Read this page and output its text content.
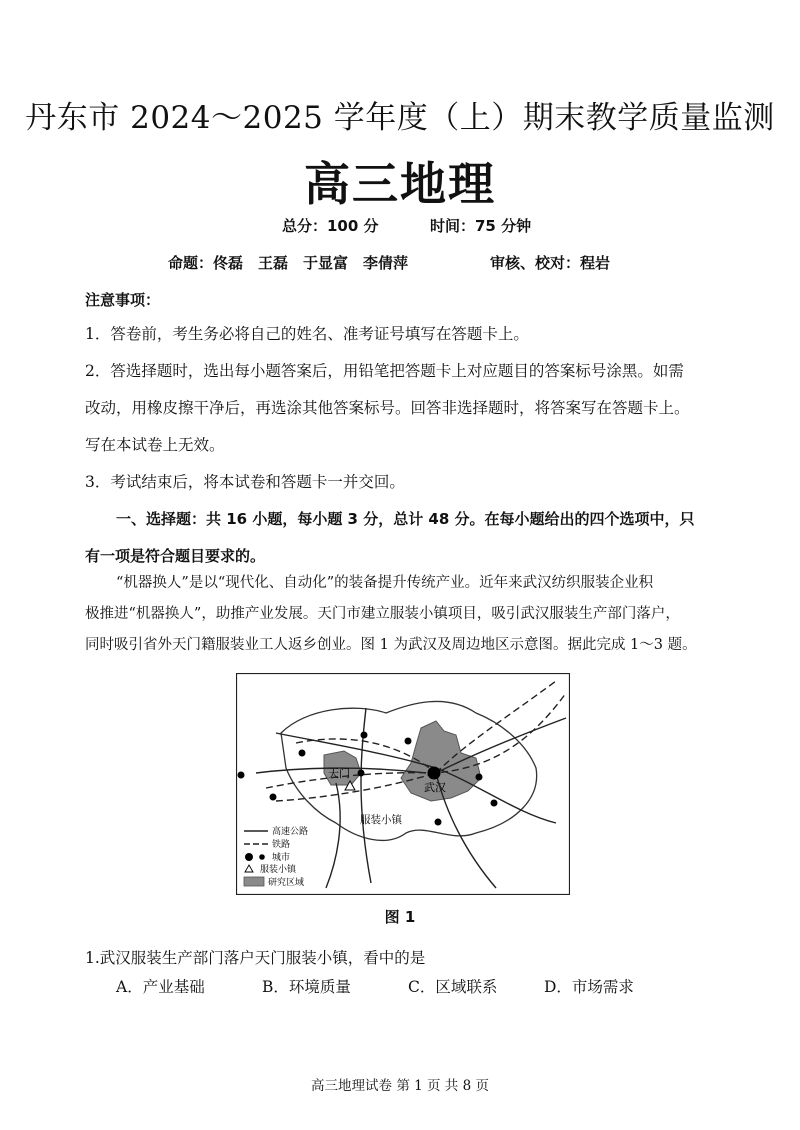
丹东市 2024～2025 学年度（上）期末教学质量监测
高三地理
总分：100 分	时间：75 分钟
命题：佟磊　王磊　于显富　李倩萍	审核、校对：程岩
注意事项：
1．答卷前，考生务必将自己的姓名、准考证号填写在答题卡上。
2．答选择题时，选出每小题答案后，用铅笔把答题卡上对应题目的答案标号涂黑。如需
改动，用橡皮擦干净后，再选涂其他答案标号。回答非选择题时，将答案写在答题卡上。
写在本试卷上无效。
3．考试结束后，将本试卷和答题卡一并交回。
一、选择题：共 16 小题，每小题 3 分，总计 48 分。在每小题给出的四个选项中，只
有一项是符合题目要求的。
“机器换人”是以“现代化、自动化”的装备提升传统产业。近年来武汉纺织服装企业积
极推进“机器换人”，助推产业发展。天门市建立服装小镇项目，吸引武汉服装生产部门落户，
同时吸引省外天门籍服装业工人返乡创业。图 1 为武汉及周边地区示意图。据此完成 1～3 题。
天门
武汉
服装小镇
高速公路
铁路
城市
服装小镇
研究区域
图 1
1.武汉服装生产部门落户天门服装小镇，看中的是
A．产业基础	B．环境质量	C．区域联系	D．市场需求
高三地理试卷 第 1 页 共 8 页
